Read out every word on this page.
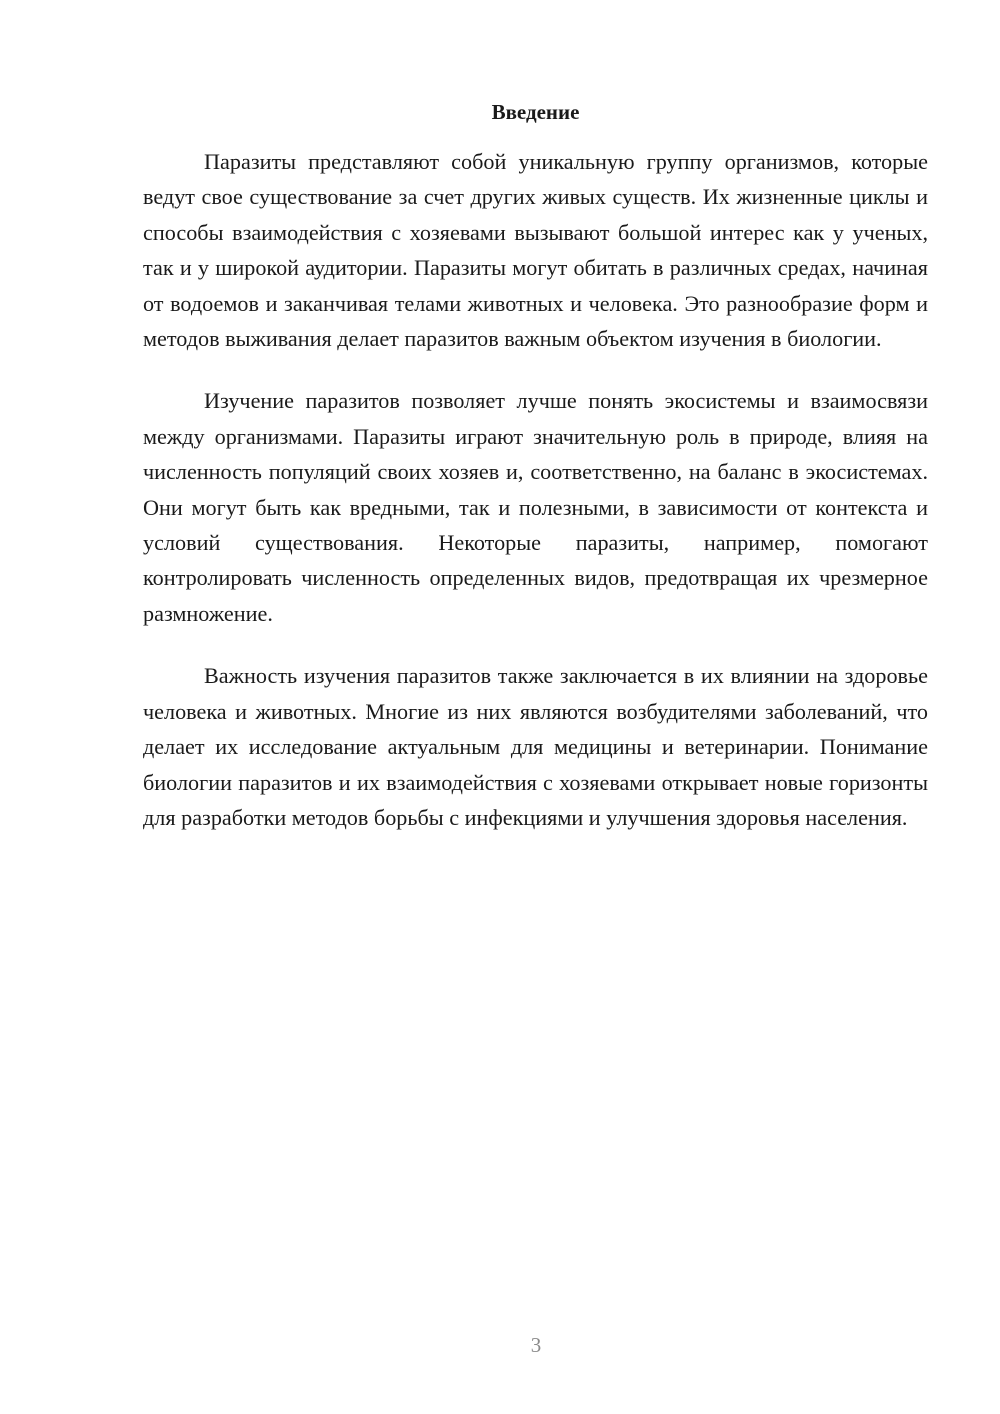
Введение

Паразиты представляют собой уникальную группу организмов, которые ведут свое существование за счет других живых существ. Их жизненные циклы и способы взаимодействия с хозяевами вызывают большой интерес как у ученых, так и у широкой аудитории. Паразиты могут обитать в различных средах, начиная от водоемов и заканчивая телами животных и человека. Это разнообразие форм и методов выживания делает паразитов важным объектом изучения в биологии.

Изучение паразитов позволяет лучше понять экосистемы и взаимосвязи между организмами. Паразиты играют значительную роль в природе, влияя на численность популяций своих хозяев и, соответственно, на баланс в экосистемах. Они могут быть как вредными, так и полезными, в зависимости от контекста и условий существования. Некоторые паразиты, например, помогают контролировать численность определенных видов, предотвращая их чрезмерное размножение.

Важность изучения паразитов также заключается в их влиянии на здоровье человека и животных. Многие из них являются возбудителями заболеваний, что делает их исследование актуальным для медицины и ветеринарии. Понимание биологии паразитов и их взаимодействия с хозяевами открывает новые горизонты для разработки методов борьбы с инфекциями и улучшения здоровья населения.

3
